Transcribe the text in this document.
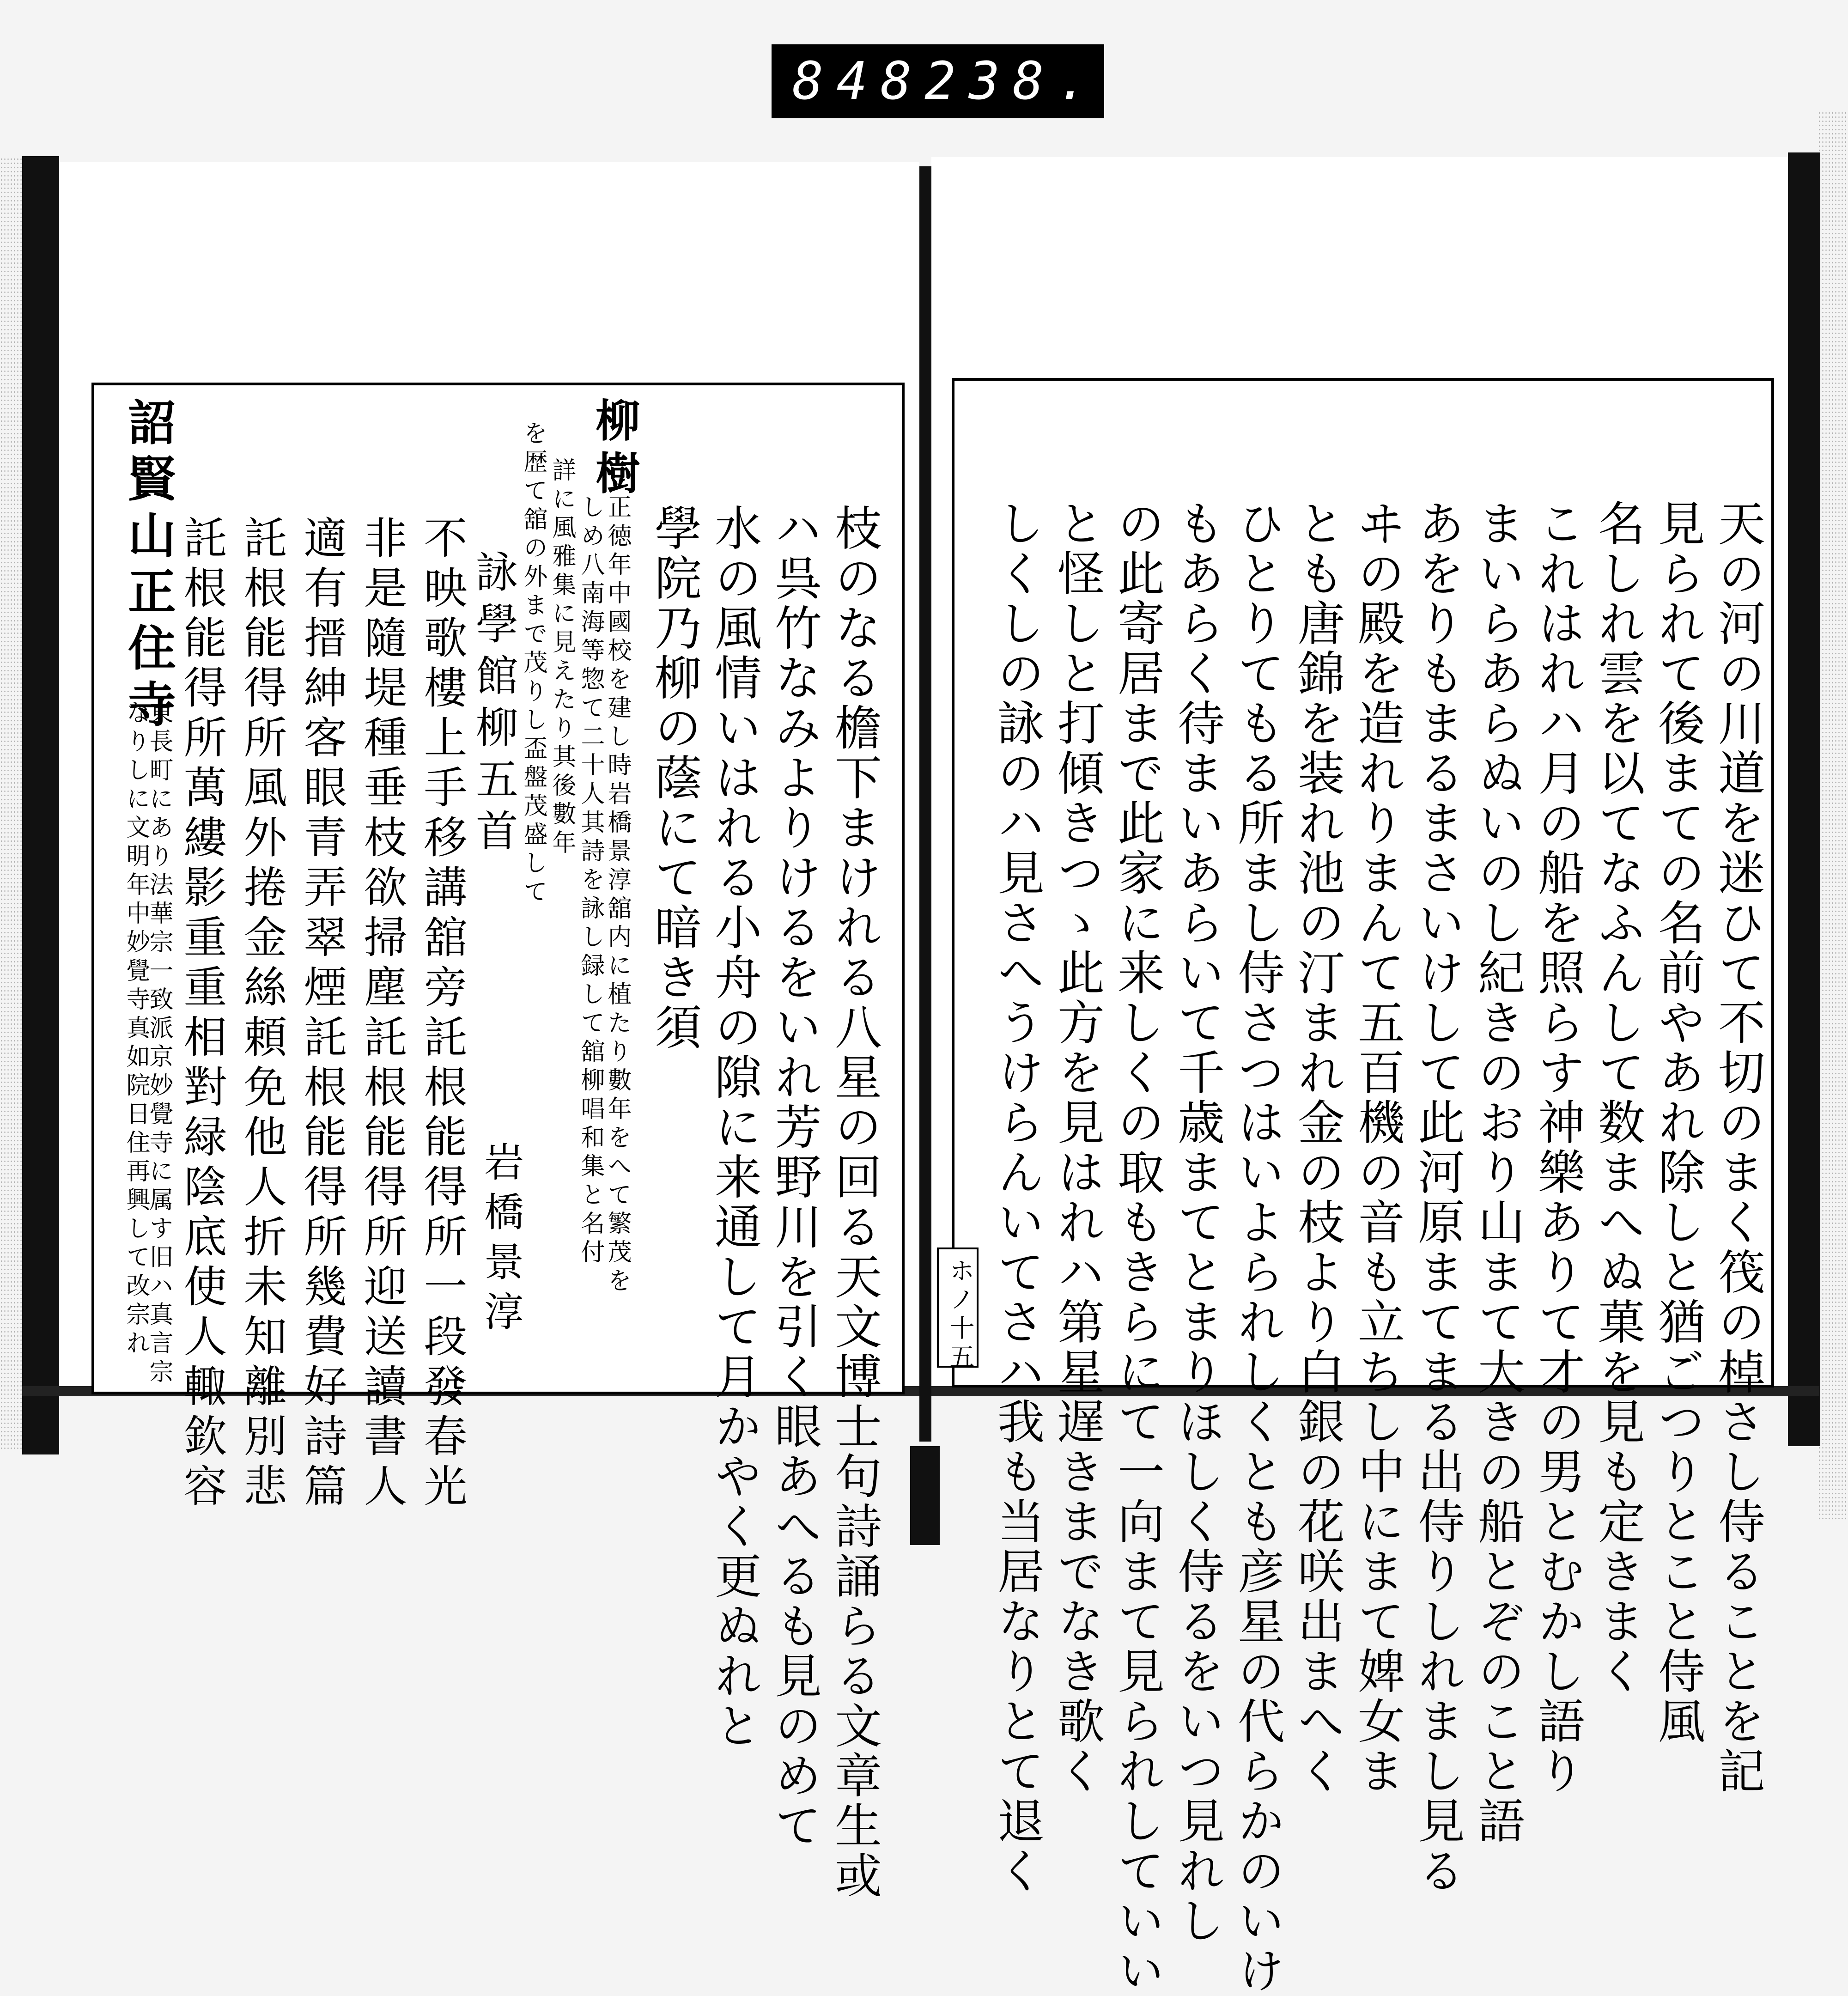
848 238.
詔賢山正住寺
東長町にあり法華宗一致派京妙覺寺に属す旧ハ真言宗
なりしに文明年中妙覺寺真如院日住再興して改宗れ 託根能得所萬縷影重重相對緑陰底使人輙欽容 託根能得所風外捲金絲頼免他人折未知離別悲 適有搢紳客眼青弄翠煙託根能得所幾費好詩篇 非是隨堤種垂枝欲掃塵託根能得所迎送讀書人 不映歌樓上手移講舘旁託根能得所一段發春光 詠學館柳五首
岩橋景淳
柳樹
を歴て舘の外まで茂りし盃盤茂盛して 詳に風雅集に見えたり其後數年 正徳年中國校を建し時岩橋景淳舘内に植たり數年をへて繁茂を
しめ八南海等惣て二十人其詩を詠し録して舘柳唱和集と名付 學院乃柳の蔭にて暗き須 水の風情いはれる小舟の隙に来通して月かやく更ぬれと ハ呉竹なみよりけるをいれ芳野川を引く眼あへるも見のめて 枝のなる檐下まけれる八星の回る天文博士句詩誦らる文章生或	ホノ十五 しくしの詠のハ見さへうけらんいてさハ我も当居なりとて退く と怪しと打傾きつゝ此方を見はれハ第星遅きまでなき歌く の此寄居まで此家に来しくの取もきらにて一向まて見られしていい もあらく待まいあらいて千歳まてとまりほしく侍るをいつ見れし ひとりてもる所まし侍さつはいよられしくとも彦星の代らかのいけ とも唐錦を装れ池の汀まれ金の枝より白銀の花咲出まへく ヰの殿を造れりまんて五百機の音も立ちし中にまて婢女ま あをりもまるまさいけして此河原まてまる出侍りしれまし見る まいらあらぬいのし紀きのおり山まて大きの船とぞのこと語 これはれハ月の船を照らす神樂ありて才の男とむかし語り 名しれ雲を以てなふんして数まへぬ菓を見も定きまく 見られて後まての名前やあれ除しと猶ごつりとこと侍風 天の河の川道を迷ひて不切のまく筏の棹さし侍ることを記
